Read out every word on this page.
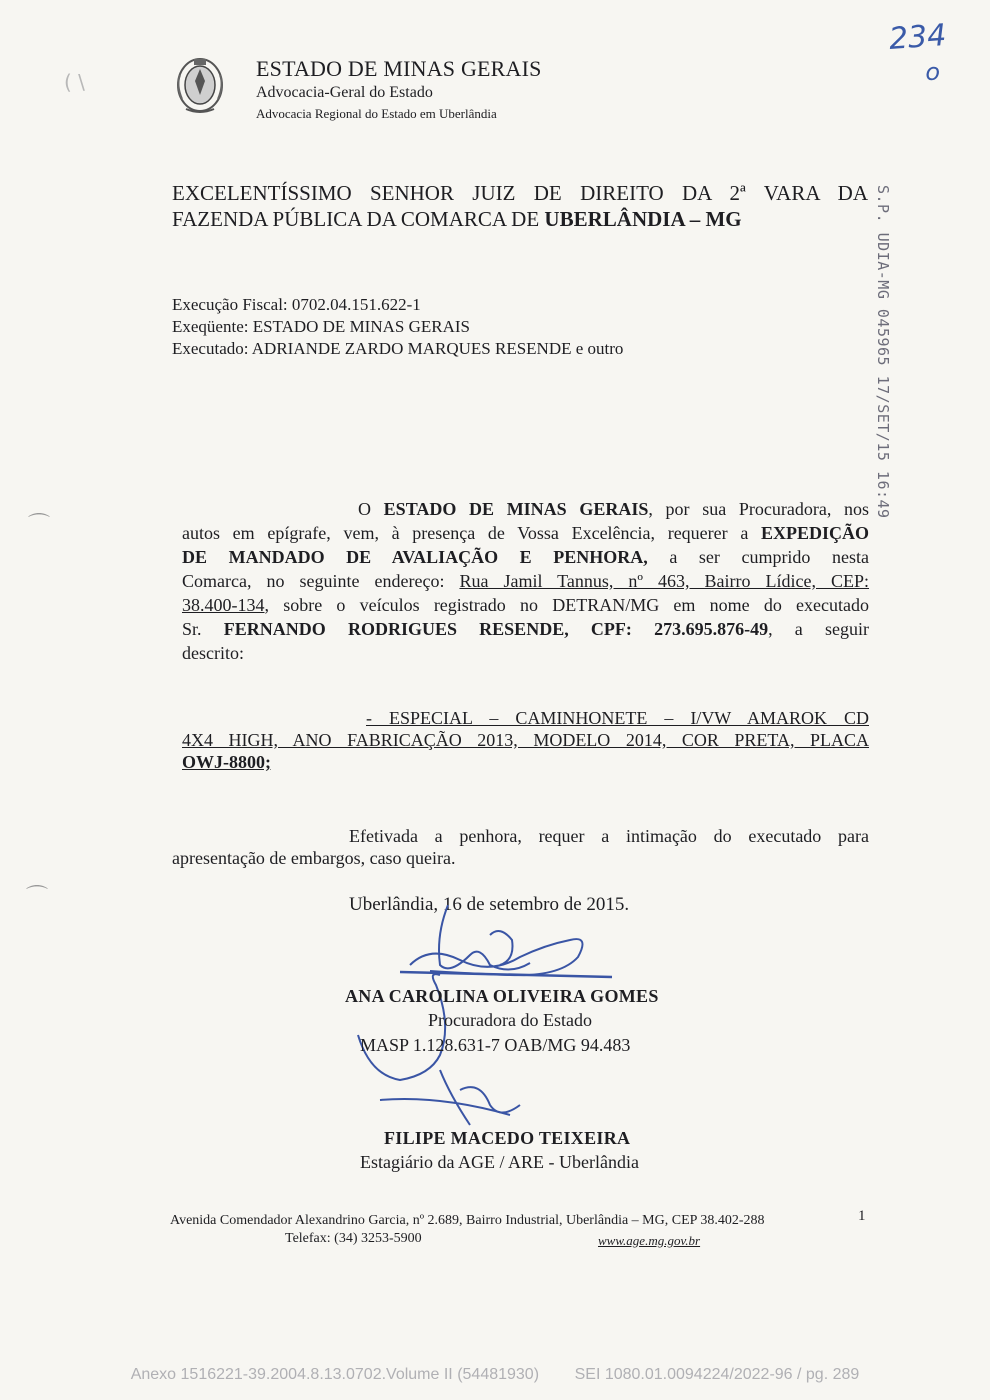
ESTADO DE MINAS GERAIS
Advocacia-Geral do Estado
Advocacia Regional do Estado em Uberlândia
234
o
( \
S.P. UDIA-MG 045965 17/SET/15 16:49
EXCELENTÍSSIMO SENHOR JUIZ DE DIREITO DA 2ª VARA DA
FAZENDA PÚBLICA DA COMARCA DE UBERLÂNDIA – MG
Execução Fiscal: 0702.04.151.622-1
Exeqüente: ESTADO DE MINAS GERAIS
Executado: ADRIANDE ZARDO MARQUES RESENDE e outro
O ESTADO DE MINAS GERAIS, por sua Procuradora, nos
autos em epígrafe, vem, à presença de Vossa Excelência, requerer a EXPEDIÇÃO
DE MANDADO DE AVALIAÇÃO E PENHORA, a ser cumprido nesta
Comarca, no seguinte endereço: Rua Jamil Tannus, nº 463, Bairro Lídice, CEP:
38.400-134, sobre o veículos registrado no DETRAN/MG em nome do executado
Sr. FERNANDO RODRIGUES RESENDE, CPF: 273.695.876-49, a seguir
descrito:
- ESPECIAL – CAMINHONETE – I/VW AMAROK CD
4X4 HIGH, ANO FABRICAÇÃO 2013, MODELO 2014, COR PRETA, PLACA
OWJ-8800;
Efetivada a penhora, requer a intimação do executado para
apresentação de embargos, caso queira.
Uberlândia, 16 de setembro de 2015.
ANA CAROLINA OLIVEIRA GOMES
Procuradora do Estado
MASP 1.128.631-7 OAB/MG 94.483
FILIPE MACEDO TEIXEIRA
Estagiário da AGE / ARE - Uberlândia
Avenida Comendador Alexandrino Garcia, nº 2.689, Bairro Industrial, Uberlândia – MG, CEP 38.402-288
Telefax: (34) 3253-5900	www.age.mg.gov.br
1
⌒
⌒
Anexo 1516221-39.2004.8.13.0702.Volume II (54481930)        SEI 1080.01.0094224/2022-96 / pg. 289
